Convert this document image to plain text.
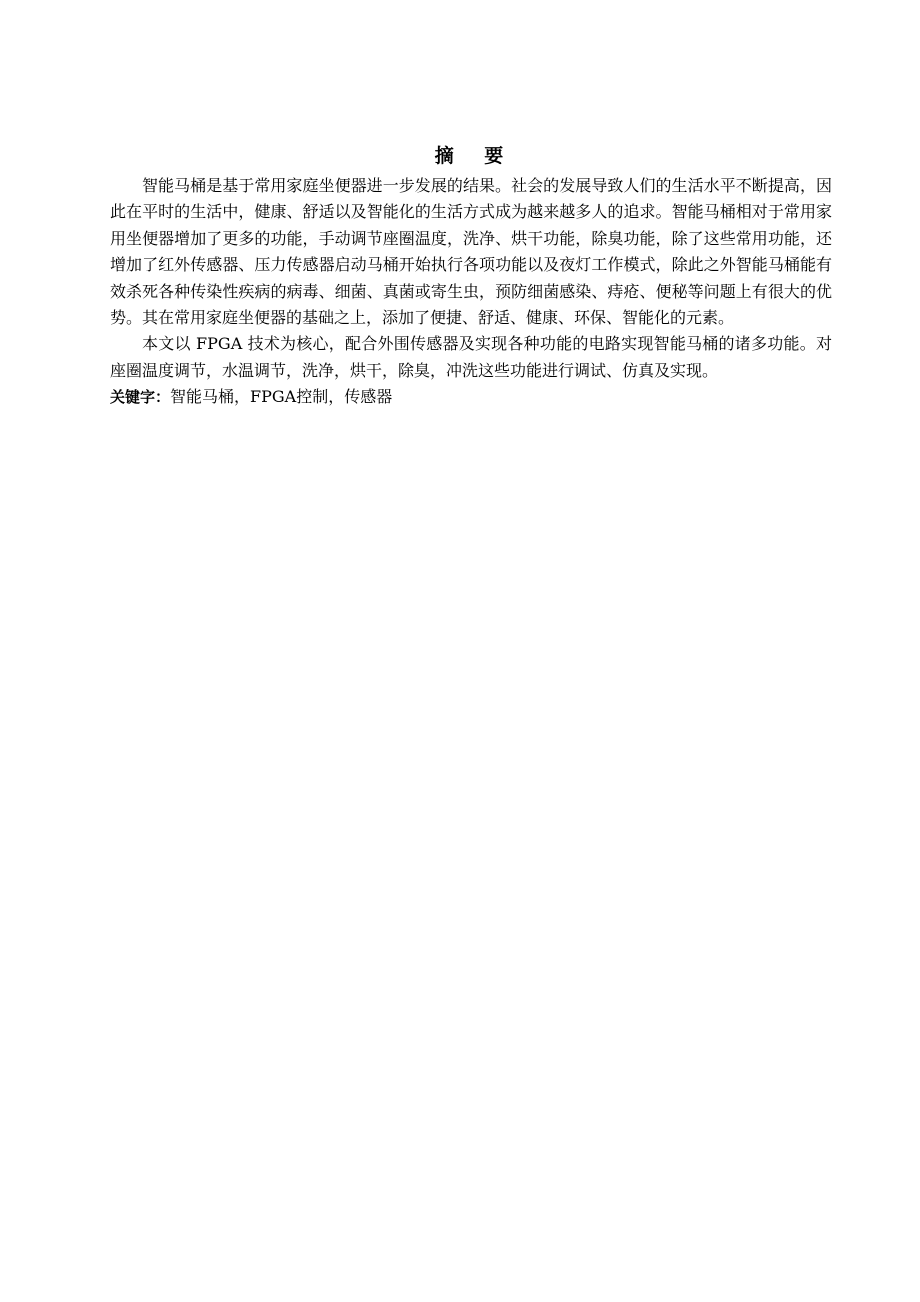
摘 要

智能马桶是基于常用家庭坐便器进一步发展的结果。社会的发展导致人们的生活水平不断提高，因此在平时的生活中，健康、舒适以及智能化的生活方式成为越来越多人的追求。智能马桶相对于常用家用坐便器增加了更多的功能，手动调节座圈温度，洗净、烘干功能，除臭功能，除了这些常用功能，还增加了红外传感器、压力传感器启动马桶开始执行各项功能以及夜灯工作模式，除此之外智能马桶能有效杀死各种传染性疾病的病毒、细菌、真菌或寄生虫，预防细菌感染、痔疮、便秘等问题上有很大的优势。其在常用家庭坐便器的基础之上，添加了便捷、舒适、健康、环保、智能化的元素。

本文以 FPGA 技术为核心，配合外围传感器及实现各种功能的电路实现智能马桶的诸多功能。对座圈温度调节，水温调节，洗净，烘干，除臭，冲洗这些功能进行调试、仿真及实现。

关键字：智能马桶，FPGA控制，传感器
